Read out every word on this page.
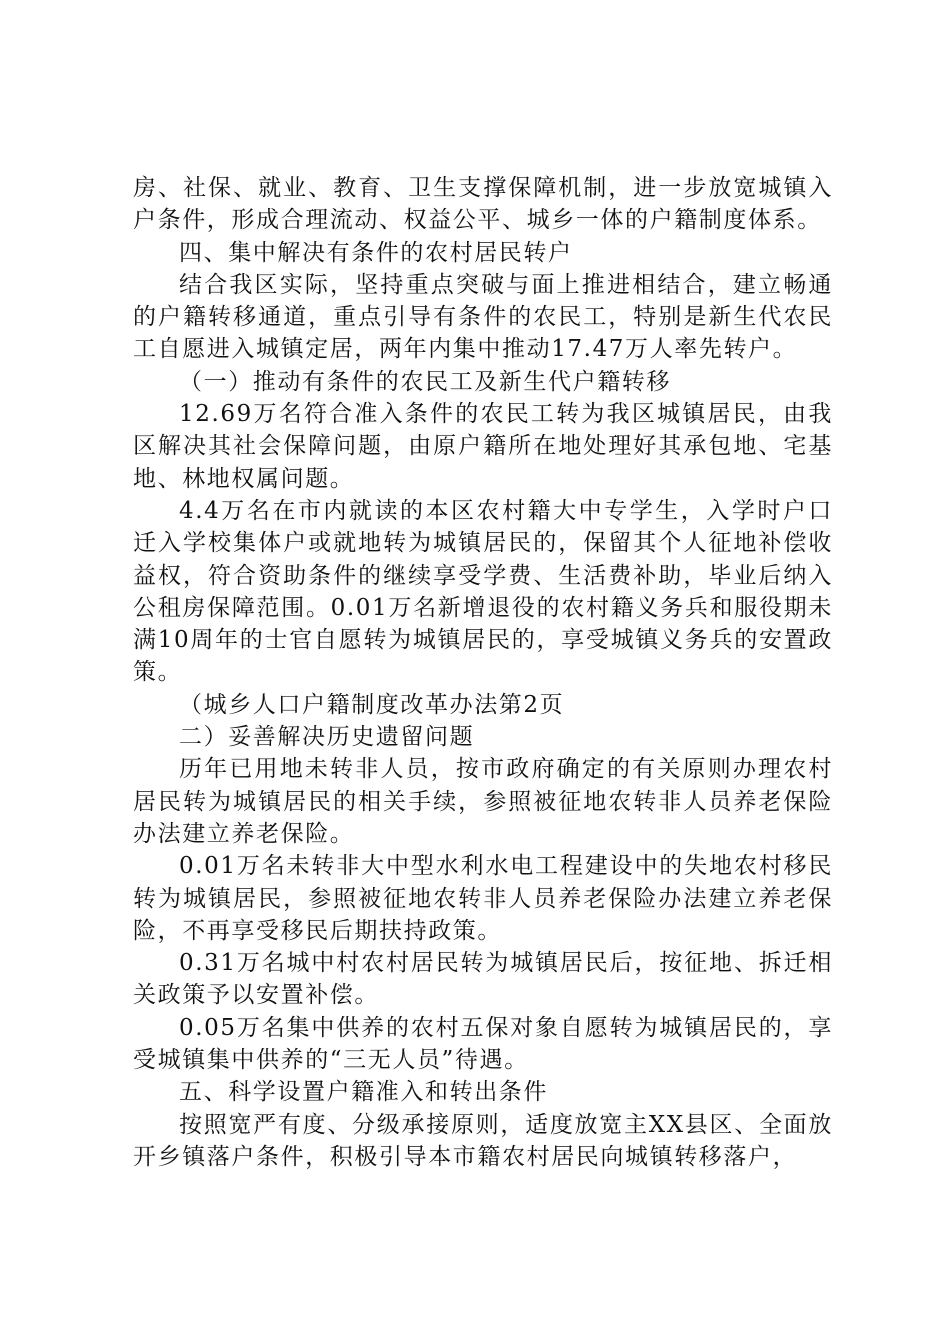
房、社保、就业、教育、卫生支撑保障机制，进一步放宽城镇入户条件，形成合理流动、权益公平、城乡一体的户籍制度体系。

四、集中解决有条件的农村居民转户

结合我区实际，坚持重点突破与面上推进相结合，建立畅通的户籍转移通道，重点引导有条件的农民工，特别是新生代农民工自愿进入城镇定居，两年内集中推动17.47万人率先转户。

（一）推动有条件的农民工及新生代户籍转移

12.69万名符合准入条件的农民工转为我区城镇居民，由我区解决其社会保障问题，由原户籍所在地处理好其承包地、宅基地、林地权属问题。

4.4万名在市内就读的本区农村籍大中专学生，入学时户口迁入学校集体户或就地转为城镇居民的，保留其个人征地补偿收益权，符合资助条件的继续享受学费、生活费补助，毕业后纳入公租房保障范围。0.01万名新增退役的农村籍义务兵和服役期未满10周年的士官自愿转为城镇居民的，享受城镇义务兵的安置政策。

（城乡人口户籍制度改革办法第2页

二）妥善解决历史遗留问题

历年已用地未转非人员，按市政府确定的有关原则办理农村居民转为城镇居民的相关手续，参照被征地农转非人员养老保险办法建立养老保险。

0.01万名未转非大中型水利水电工程建设中的失地农村移民转为城镇居民，参照被征地农转非人员养老保险办法建立养老保险，不再享受移民后期扶持政策。

0.31万名城中村农村居民转为城镇居民后，按征地、拆迁相关政策予以安置补偿。

0.05万名集中供养的农村五保对象自愿转为城镇居民的，享受城镇集中供养的“三无人员”待遇。

五、科学设置户籍准入和转出条件

按照宽严有度、分级承接原则，适度放宽主XX县区、全面放开乡镇落户条件，积极引导本市籍农村居民向城镇转移落户，
